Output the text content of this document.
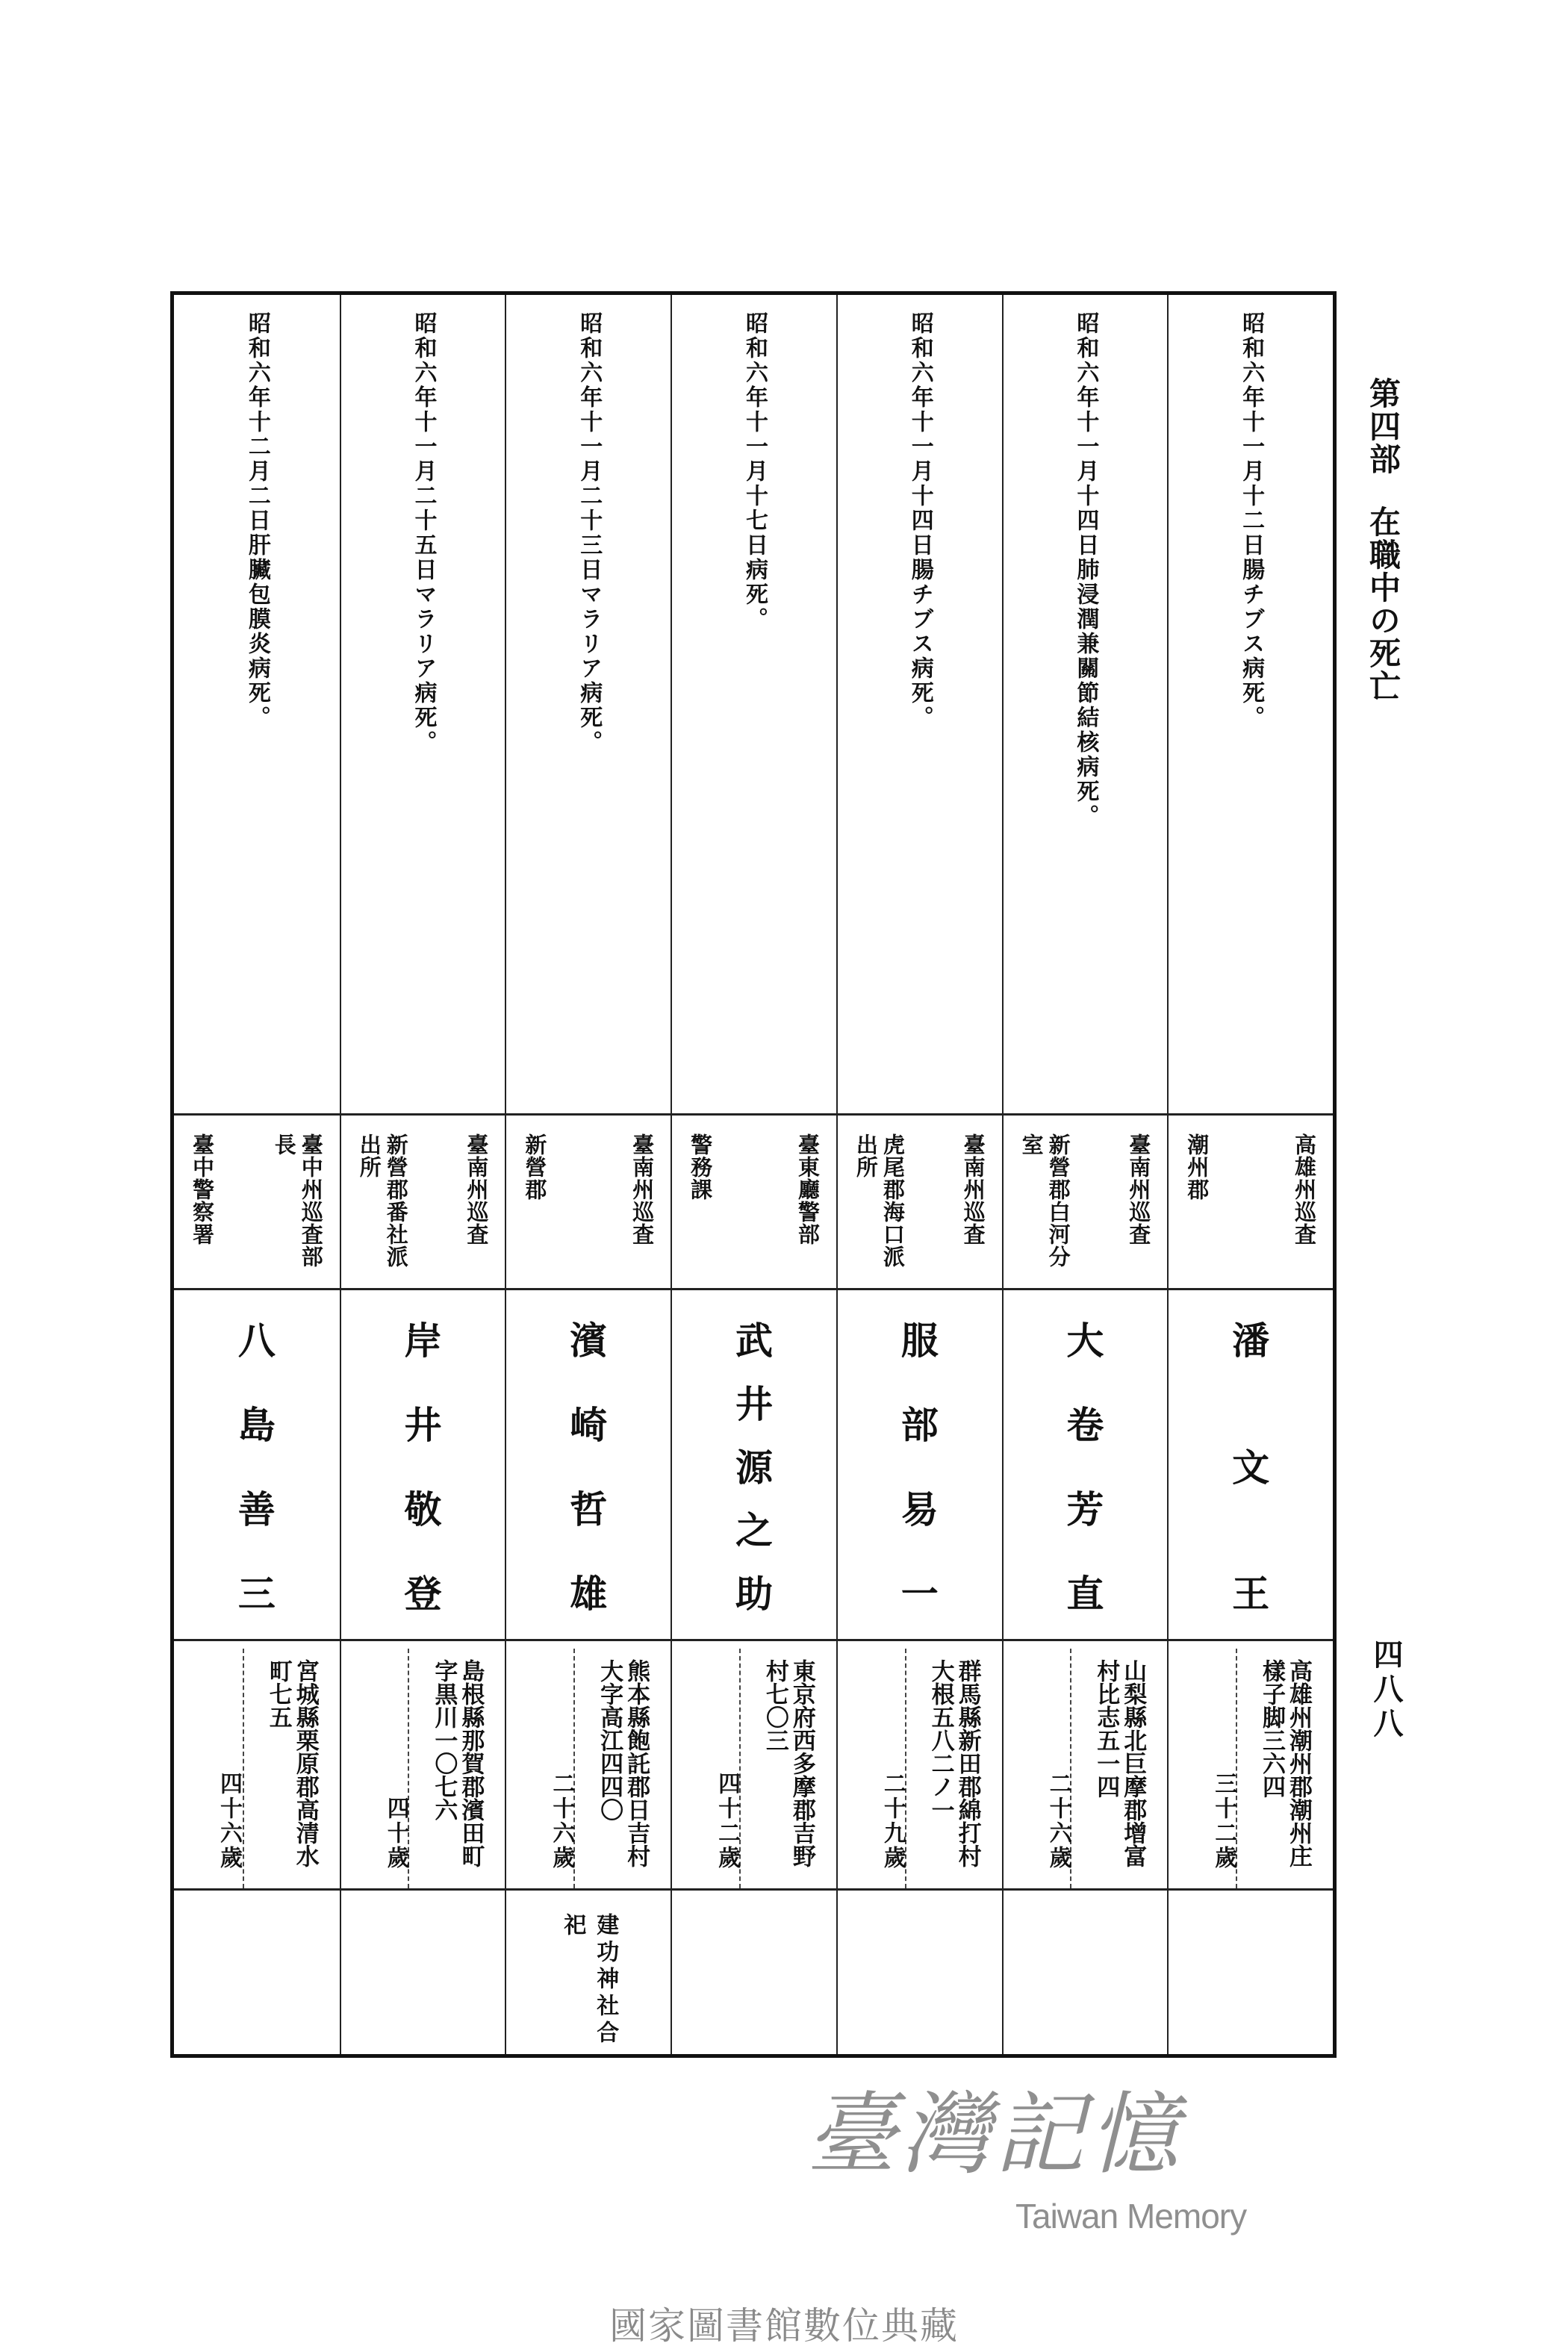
第四部在職中の死亡
四八八
昭和六年十一月十二日腸チブス病死。
高雄州巡査
潮州郡
潘
文
王
高雄州潮州郡潮州庄樣子脚三六四
三十二歲
昭和六年十一月十四日肺浸潤兼關節結核病死。
臺南州巡査
新營郡白河分
室
大
卷
芳
直
山梨縣北巨摩郡增富村比志五一四
二十六歲
昭和六年十一月十四日腸チブス病死。
臺南州巡査
虎尾郡海口派
出所
服
部
易
一
群馬縣新田郡綿打村大根五八二ノ一
二十九歲
昭和六年十一月十七日病死。
臺東廳警部
警務課
武
井
源
之
助
東京府西多摩郡吉野村七〇三
四十二歲
昭和六年十一月二十三日マラリア病死。
臺南州巡査
新營郡
濱
崎
哲
雄
熊本縣飽託郡日吉村大字高江四四〇
二十六歲
建功神社合祀
昭和六年十一月二十五日マラリア病死。
臺南州巡査
新營郡番社派
出所
岸
井
敬
登
島根縣那賀郡濱田町字黒川一〇七六
四十歲
昭和六年十二月二日肝臟包膜炎病死。
臺中州巡査部
長
臺中警察署
八
島
善
三
宮城縣栗原郡高清水町七五
四十六歲
臺灣記憶
Taiwan Memory
國家圖書館數位典藏
